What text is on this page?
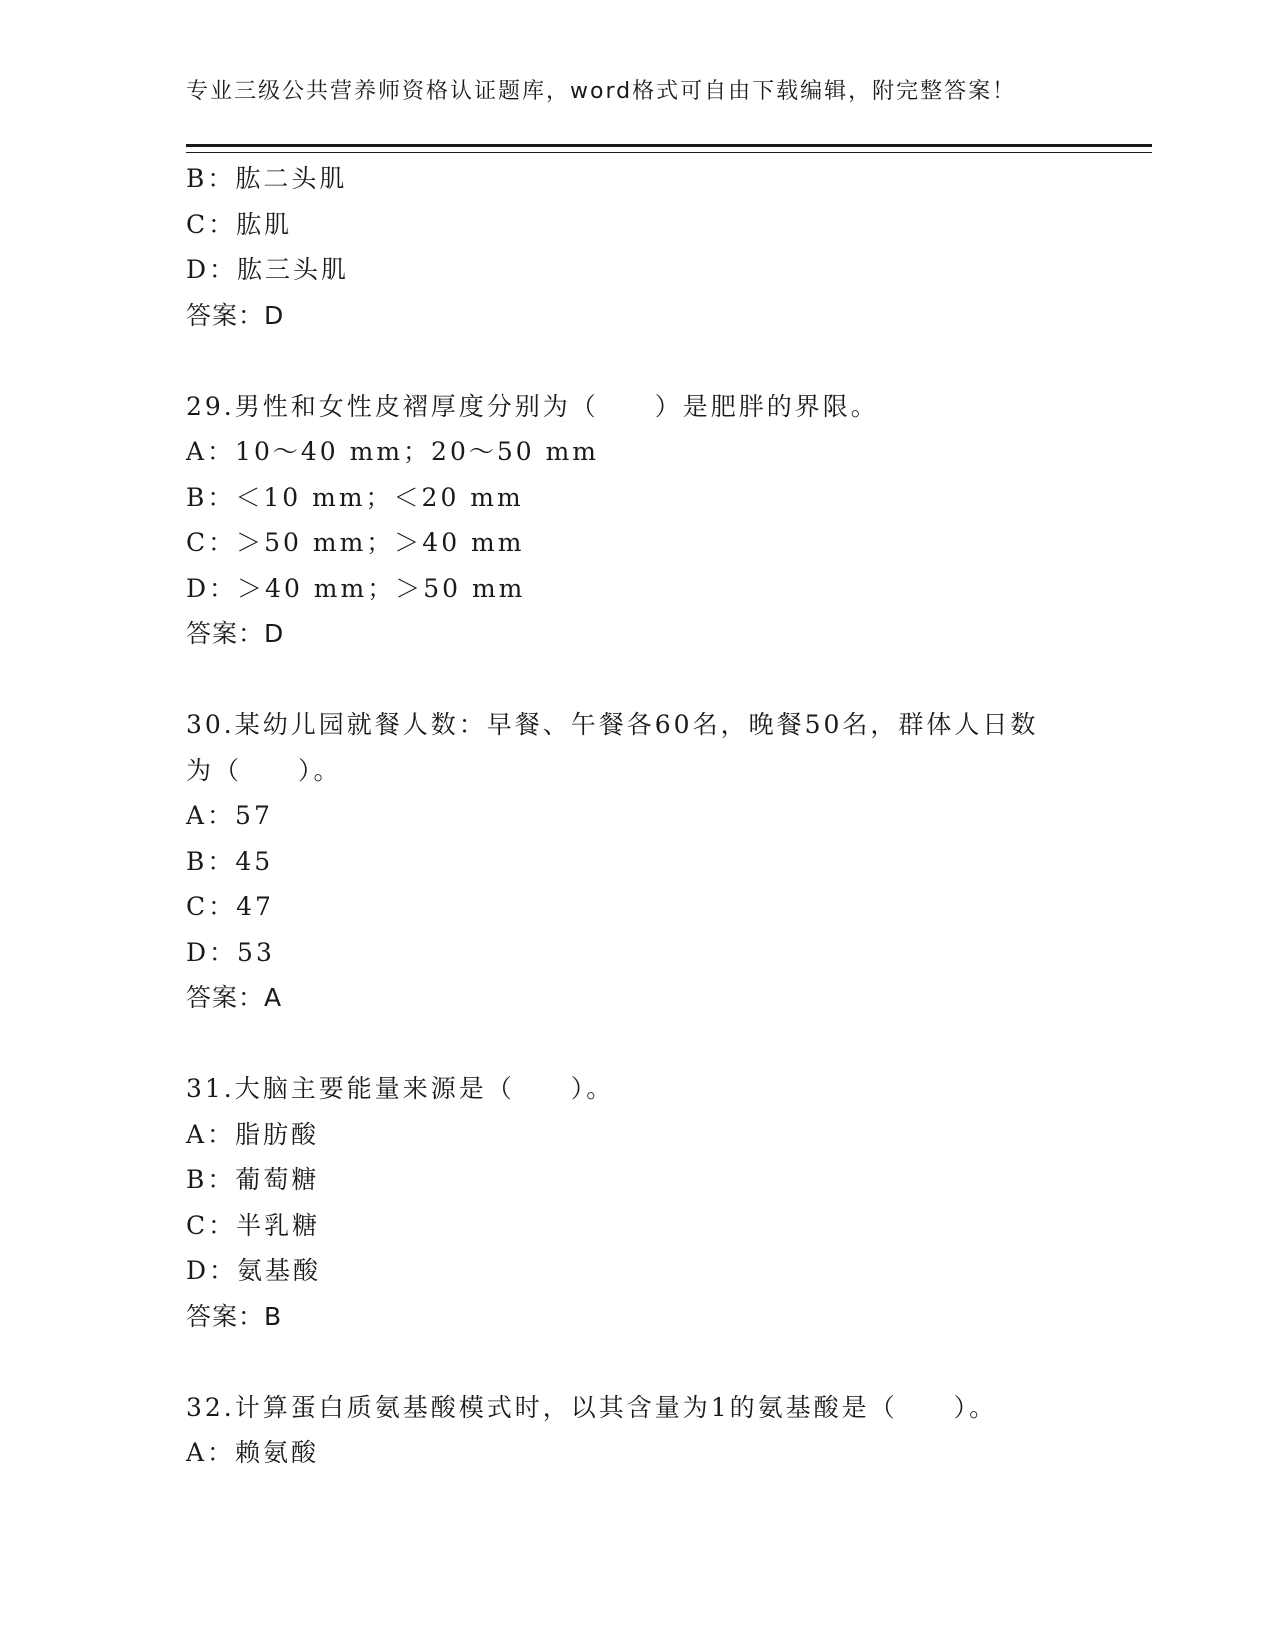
专业三级公共营养师资格认证题库，word格式可自由下载编辑，附完整答案！
B：肱二头肌
C：肱肌
D：肱三头肌
答案：D
29.男性和女性皮褶厚度分别为（　　）是肥胖的界限。
A：10～40 mm；20～50 mm
B：＜10 mm；＜20 mm
C：＞50 mm；＞40 mm
D：＞40 mm；＞50 mm
答案：D
30.某幼儿园就餐人数：早餐、午餐各60名，晚餐50名，群体人日数
为（　　）。
A：57
B：45
C：47
D：53
答案：A
31.大脑主要能量来源是（　　）。
A：脂肪酸
B：葡萄糖
C：半乳糖
D：氨基酸
答案：B
32.计算蛋白质氨基酸模式时，以其含量为1的氨基酸是（　　）。
A：赖氨酸
